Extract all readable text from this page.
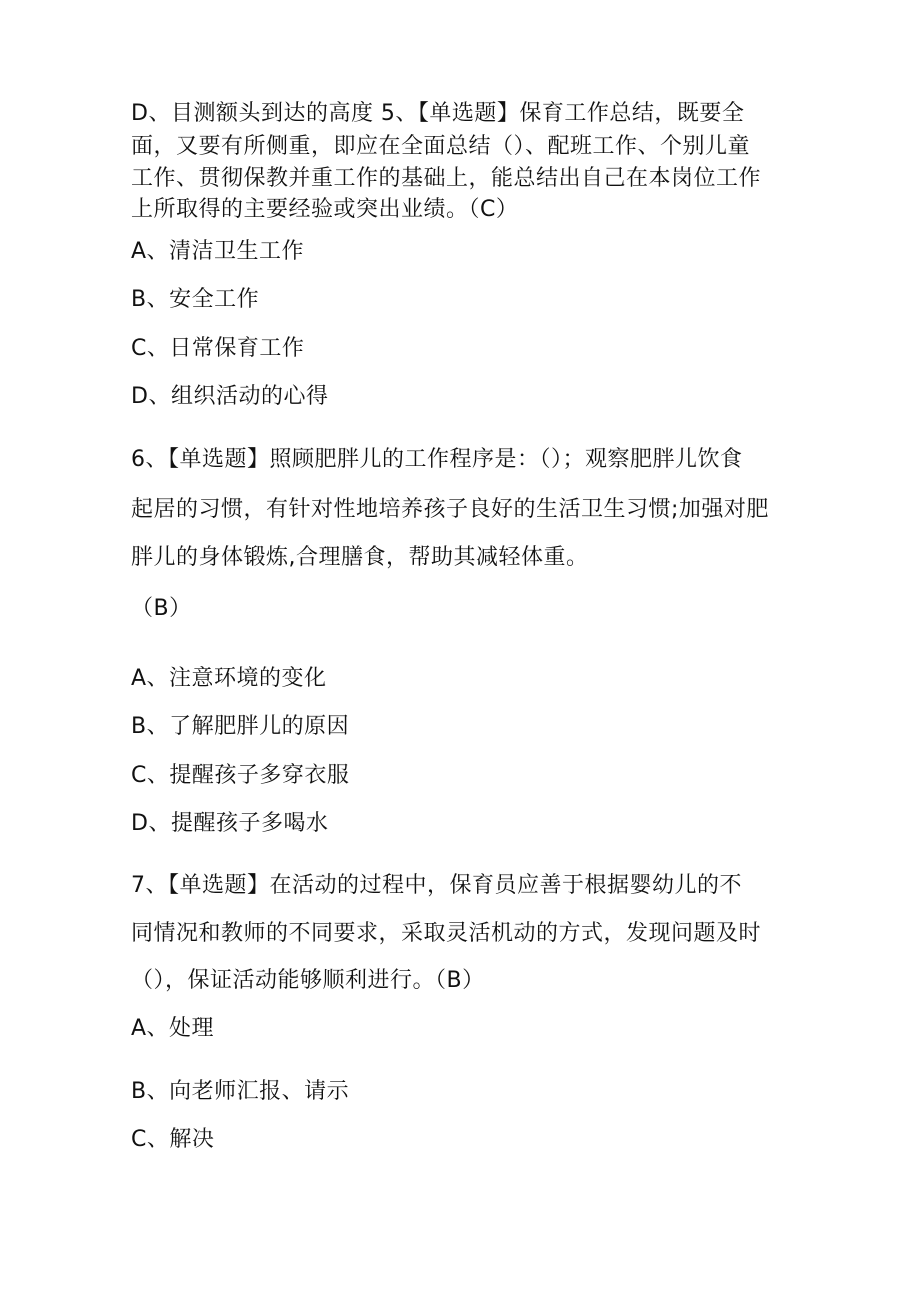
D、目测额头到达的高度 5、【单选题】保育工作总结，既要全
面，又要有所侧重，即应在全面总结（）、配班工作、个别儿童
工作、贯彻保教并重工作的基础上，能总结出自己在本岗位工作
上所取得的主要经验或突出业绩。（C）
A、清洁卫生工作
B、安全工作
C、日常保育工作
D、组织活动的心得
6、【单选题】照顾肥胖儿的工作程序是：（）；观察肥胖儿饮食
起居的习惯，有针对性地培养孩子良好的生活卫生习惯;加强对肥
胖儿的身体锻炼,合理膳食，帮助其减轻体重。
（B）
A、注意环境的变化
B、了解肥胖儿的原因
C、提醒孩子多穿衣服
D、提醒孩子多喝水
7、【单选题】在活动的过程中，保育员应善于根据婴幼儿的不
同情况和教师的不同要求，采取灵活机动的方式，发现问题及时
（），保证活动能够顺利进行。（B）
A、处理
B、向老师汇报、请示
C、解决
